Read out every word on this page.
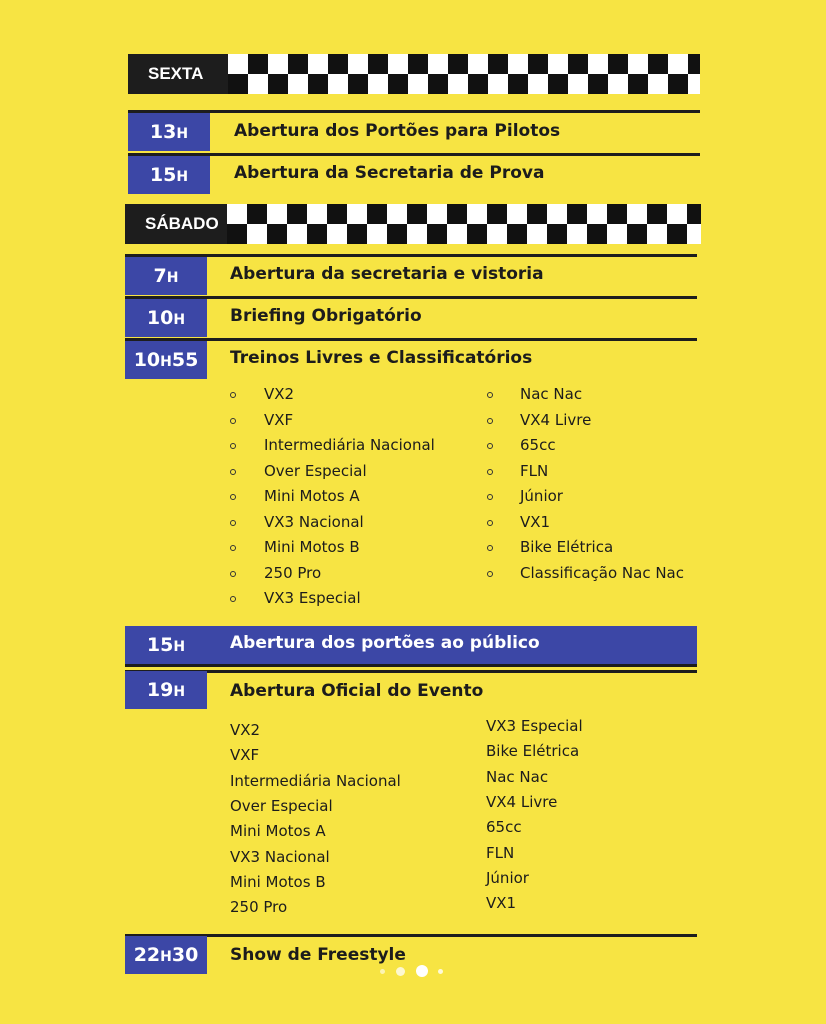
SEXTA
13H	Abertura dos Portões para Pilotos
15H	Abertura da Secretaria de Prova
SÁBADO
7H	Abertura da secretaria e vistoria
10H	Briefing Obrigatório
10H55	Treinos Livres e Classificatórios
VX2
VXF
Intermediária Nacional
Over Especial
Mini Motos A
VX3 Nacional
Mini Motos B
250 Pro
VX3 Especial
Nac Nac
VX4 Livre
65cc
FLN
Júnior
VX1
Bike Elétrica
Classificação Nac Nac
15H	Abertura dos portões ao público
19H	Abertura Oficial do Evento
VX2
VXF
Intermediária Nacional
Over Especial
Mini Motos A
VX3 Nacional
Mini Motos B
250 Pro
VX3 Especial
Bike Elétrica
Nac Nac
VX4 Livre
65cc
FLN
Júnior
VX1
22H30	Show de Freestyle
